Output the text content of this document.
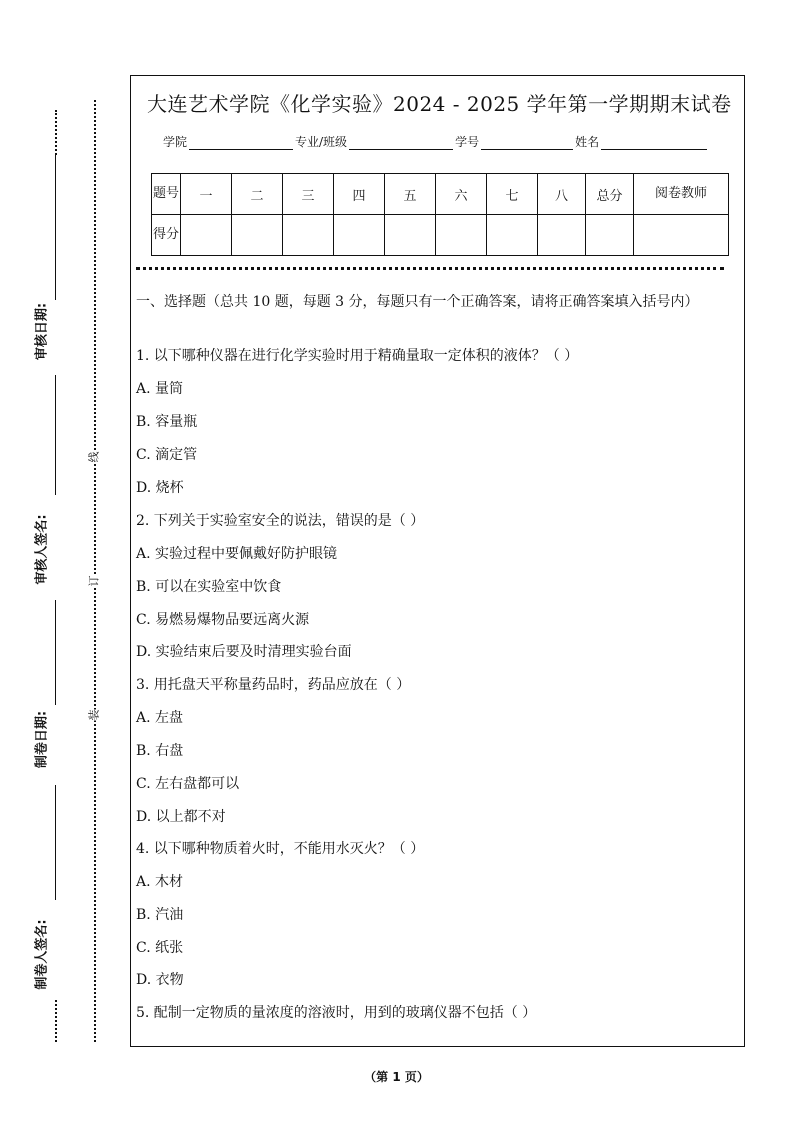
审核日期:
审核人签名:
制卷日期:
制卷人签名:
线
订
装
大连艺术学院《化学实验》2024 - 2025 学年第一学期期末试卷
学院	专业/班级	学号	姓名
题号	一	二	三	四	五	六	七	八	总分	阅卷教师
得分										
一、选择题（总共 10 题，每题 3 分，每题只有一个正确答案，请将正确答案填入括号内）
1. 以下哪种仪器在进行化学实验时用于精确量取一定体积的液体？（ ）
A. 量筒
B. 容量瓶
C. 滴定管
D. 烧杯
2. 下列关于实验室安全的说法，错误的是（ ）
A. 实验过程中要佩戴好防护眼镜
B. 可以在实验室中饮食
C. 易燃易爆物品要远离火源
D. 实验结束后要及时清理实验台面
3. 用托盘天平称量药品时，药品应放在（ ）
A. 左盘
B. 右盘
C. 左右盘都可以
D. 以上都不对
4. 以下哪种物质着火时，不能用水灭火？（ ）
A. 木材
B. 汽油
C. 纸张
D. 衣物
5. 配制一定物质的量浓度的溶液时，用到的玻璃仪器不包括（ ）
（第 1 页）
